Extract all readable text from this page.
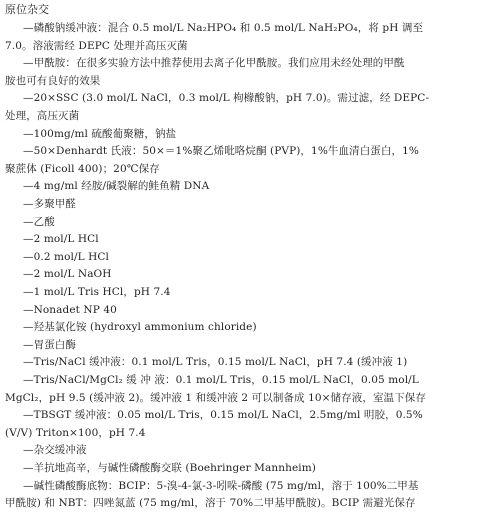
原位杂交
—磷酸钠缓冲液：混合 0.5 mol/L Na₂HPO₄ 和 0.5 mol/L NaH₂PO₄，将 pH 调至
7.0。溶液需经 DEPC 处理并高压灭菌
—甲酰胺：在很多实验方法中推荐使用去离子化甲酰胺。我们应用未经处理的甲酰
胺也可有良好的效果
—20×SSC (3.0 mol/L NaCl，0.3 mol/L 枸橼酸钠，pH 7.0)。需过滤，经 DEPC-
处理，高压灭菌
—100mg/ml 硫酸葡聚糖，钠盐
—50×Denhardt 氏液：50×＝1%聚乙烯吡咯烷酮 (PVP)，1%牛血清白蛋白，1%
聚蔗体 (Ficoll 400)；20℃保存
—4 mg/ml 经胺/碱裂解的鲑鱼精 DNA
—多聚甲醛
—乙酸
—2 mol/L HCl
—0.2 mol/L HCl
—2 mol/L NaOH
—1 mol/L Tris HCl，pH 7.4
—Nonadet NP 40
—羟基氯化铵 (hydroxyl ammonium chloride)
—胃蛋白酶
—Tris/NaCl 缓冲液：0.1 mol/L Tris，0.15 mol/L NaCl，pH 7.4 (缓冲液 1)
—Tris/NaCl/MgCl₂ 缓 冲 液：0.1 mol/L Tris，0.15 mol/L NaCl，0.05 mol/L
MgCl₂，pH 9.5 (缓冲液 2)。缓冲液 1 和缓冲液 2 可以制备成 10×储存液，室温下保存
—TBSGT 缓冲液：0.05 mol/L Tris，0.15 mol/L NaCl，2.5mg/ml 明胶，0.5%
(V/V) Triton×100，pH 7.4
—杂交缓冲液
—羊抗地高辛，与碱性磷酸酶交联 (Boehringer Mannheim)
—碱性磷酸酶底物：BCIP：5-溴-4-氯-3-吲哚-磷酸 (75 mg/ml，溶于 100%二甲基
甲酰胺) 和 NBT：四唑氮蓝 (75 mg/ml，溶于 70%二甲基甲酰胺)。BCIP 需避光保存
